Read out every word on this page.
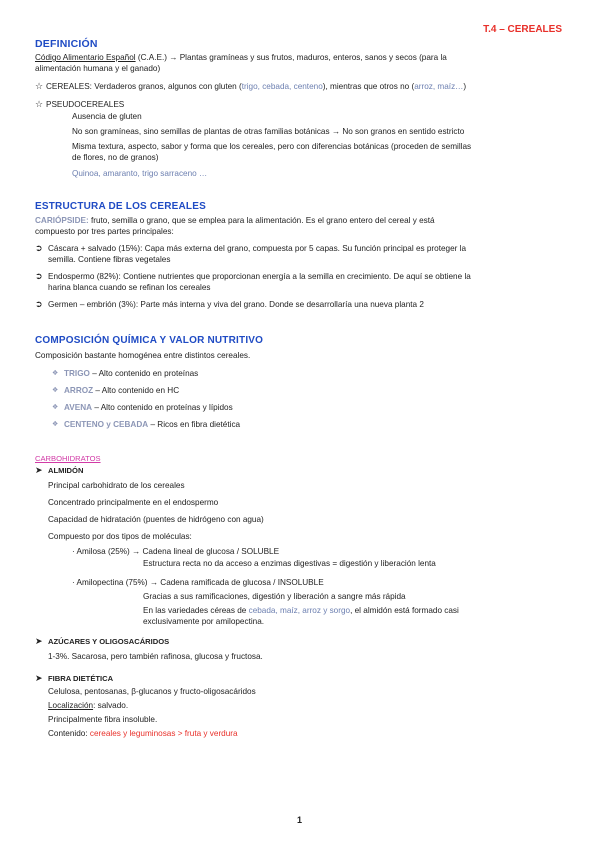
T.4 – CEREALES
DEFINICIÓN
Código Alimentario Español (C.A.E.) → Plantas gramíneas y sus frutos, maduros, enteros, sanos y secos (para la
alimentación humana y el ganado)
☆ CEREALES: Verdaderos granos, algunos con gluten (trigo, cebada, centeno), mientras que otros no (arroz, maíz…)
☆ PSEUDOCEREALES
Ausencia de gluten
No son gramíneas, sino semillas de plantas de otras familias botánicas → No son granos en sentido estricto
Misma textura, aspecto, sabor y forma que los cereales, pero con diferencias botánicas (proceden de semillas
de flores, no de granos)
Quinoa, amaranto, trigo sarraceno …
ESTRUCTURA DE LOS CEREALES
CARIÓPSIDE: fruto, semilla o grano, que se emplea para la alimentación. Es el grano entero del cereal y está
compuesto por tres partes principales:
➲ Cáscara + salvado (15%): Capa más externa del grano, compuesta por 5 capas. Su función principal es proteger la
semilla. Contiene fibras vegetales
➲ Endospermo (82%): Contiene nutrientes que proporcionan energía a la semilla en crecimiento. De aquí se obtiene la
harina blanca cuando se refinan los cereales
➲ Germen – embrión (3%): Parte más interna y viva del grano. Donde se desarrollaría una nueva planta 2
COMPOSICIÓN QUÍMICA Y VALOR NUTRITIVO
Composición bastante homogénea entre distintos cereales.
❖ TRIGO – Alto contenido en proteínas
❖ ARROZ – Alto contenido en HC
❖ AVENA – Alto contenido en proteínas y lípidos
❖ CENTENO y CEBADA – Ricos en fibra dietética
CARBOHIDRATOS
➤ ALMIDÓN
Principal carbohidrato de los cereales
Concentrado principalmente en el endospermo
Capacidad de hidratación (puentes de hidrógeno con agua)
Compuesto por dos tipos de moléculas:
· Amilosa (25%) → Cadena lineal de glucosa / SOLUBLE
Estructura recta no da acceso a enzimas digestivas = digestión y liberación lenta
· Amilopectina (75%) → Cadena ramificada de glucosa / INSOLUBLE
Gracias a sus ramificaciones, digestión y liberación a sangre más rápida
En las variedades céreas de cebada, maíz, arroz y sorgo, el almidón está formado casi
exclusivamente por amilopectina.
➤ AZÚCARES Y OLIGOSACÁRIDOS
1-3%. Sacarosa, pero también rafinosa, glucosa y fructosa.
➤ FIBRA DIETÉTICA
Celulosa, pentosanas, β-glucanos y fructo-oligosacáridos
Localización: salvado.
Principalmente fibra insoluble.
Contenido: cereales y leguminosas > fruta y verdura
1
